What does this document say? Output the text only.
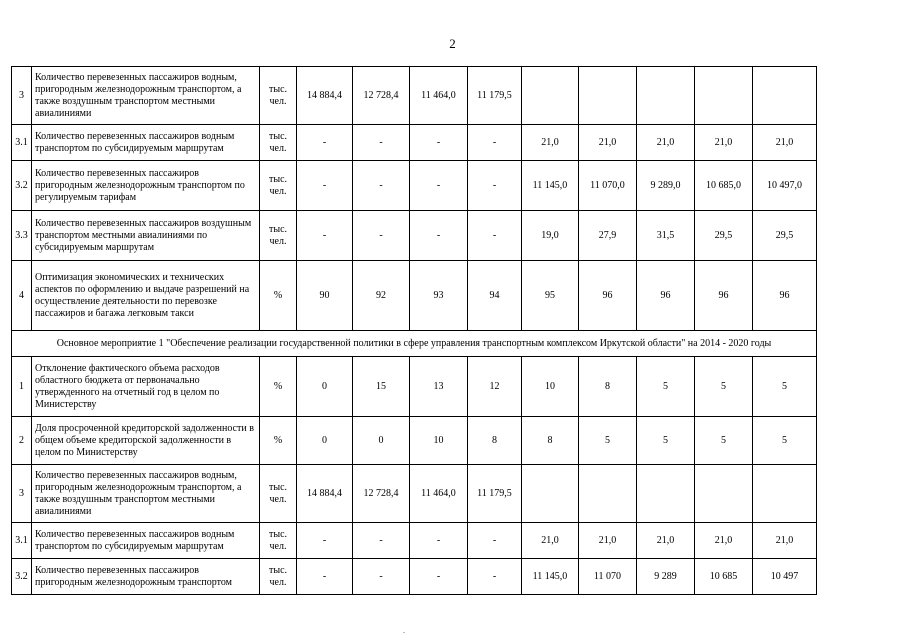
2
3	Количество перевезенных пассажиров водным, пригородным железнодорожным транспортом, а также воздушным транспортом местными авиалиниями	тыс. чел.	14 884,4	12 728,4	11 464,0	11 179,5					
3.1	Количество перевезенных пассажиров водным транспортом по субсидируемым маршрутам	тыс. чел.	-	-	-	-	21,0	21,0	21,0	21,0	21,0
3.2	Количество перевезенных пассажиров пригородным железнодорожным транспортом по регулируемым тарифам	тыс. чел.	-	-	-	-	11 145,0	11 070,0	9 289,0	10 685,0	10 497,0
3.3	Количество перевезенных пассажиров воздушным транспортом местными авиалиниями по субсидируемым маршрутам	тыс. чел.	-	-	-	-	19,0	27,9	31,5	29,5	29,5
4	Оптимизация экономических и технических аспектов по оформлению и выдаче разрешений на осуществление деятельности по перевозке пассажиров и багажа легковым такси	%	90	92	93	94	95	96	96	96	96
Основное мероприятие 1 "Обеспечение реализации государственной политики в сфере управления транспортным комплексом Иркутской области" на 2014 - 2020 годы											
1	Отклонение фактического объема расходов областного бюджета от первоначально утвержденного на отчетный год в целом по Министерству	%	0	15	13	12	10	8	5	5	5
2	Доля просроченной кредиторской задолженности в общем объеме кредиторской задолженности в целом по Министерству	%	0	0	10	8	8	5	5	5	5
3	Количество перевезенных пассажиров водным, пригородным железнодорожным транспортом, а также воздушным транспортом местными авиалиниями	тыс. чел.	14 884,4	12 728,4	11 464,0	11 179,5					
3.1	Количество перевезенных пассажиров водным транспортом по субсидируемым маршрутам	тыс. чел.	-	-	-	-	21,0	21,0	21,0	21,0	21,0
3.2	Количество перевезенных пассажиров пригородным железнодорожным транспортом	тыс. чел.	-	-	-	-	11 145,0	11 070	9 289	10 685	10 497
.
